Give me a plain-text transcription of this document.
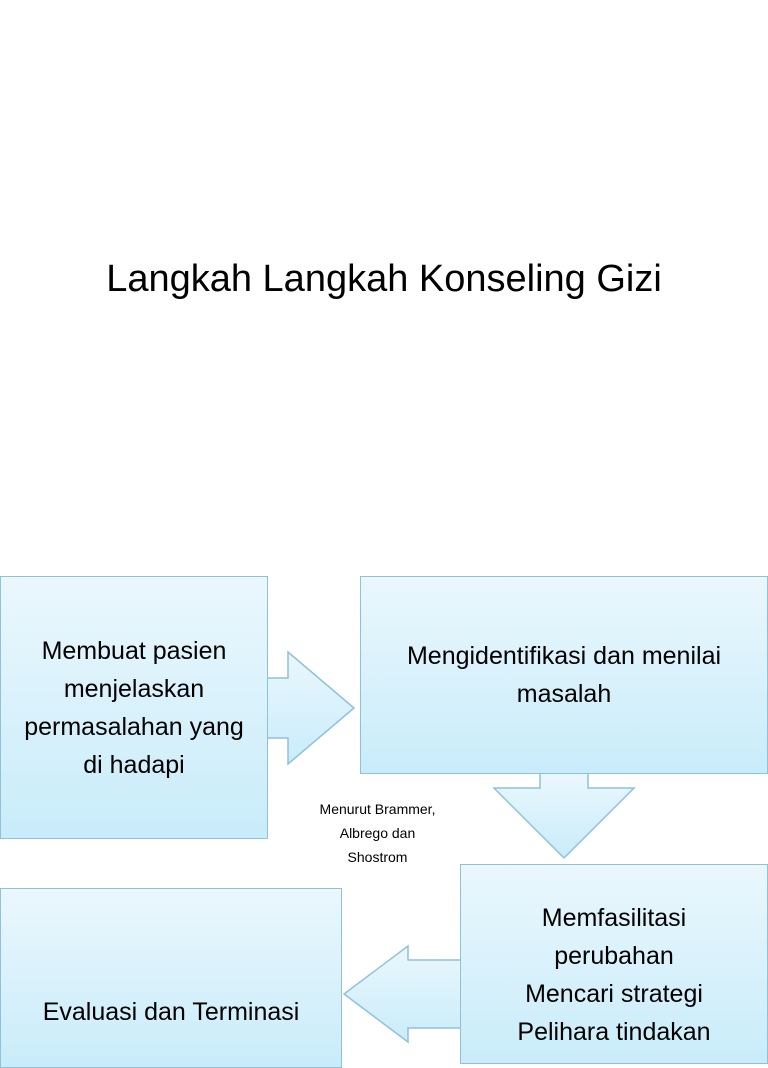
Langkah Langkah Konseling Gizi
Membuat pasien
menjelaskan
permasalahan yang
di hadapi
Mengidentifikasi dan menilai
masalah
Memfasilitasi
perubahan
Mencari strategi
Pelihara tindakan
Evaluasi dan Terminasi
Menurut Brammer,
Albrego dan
Shostrom
